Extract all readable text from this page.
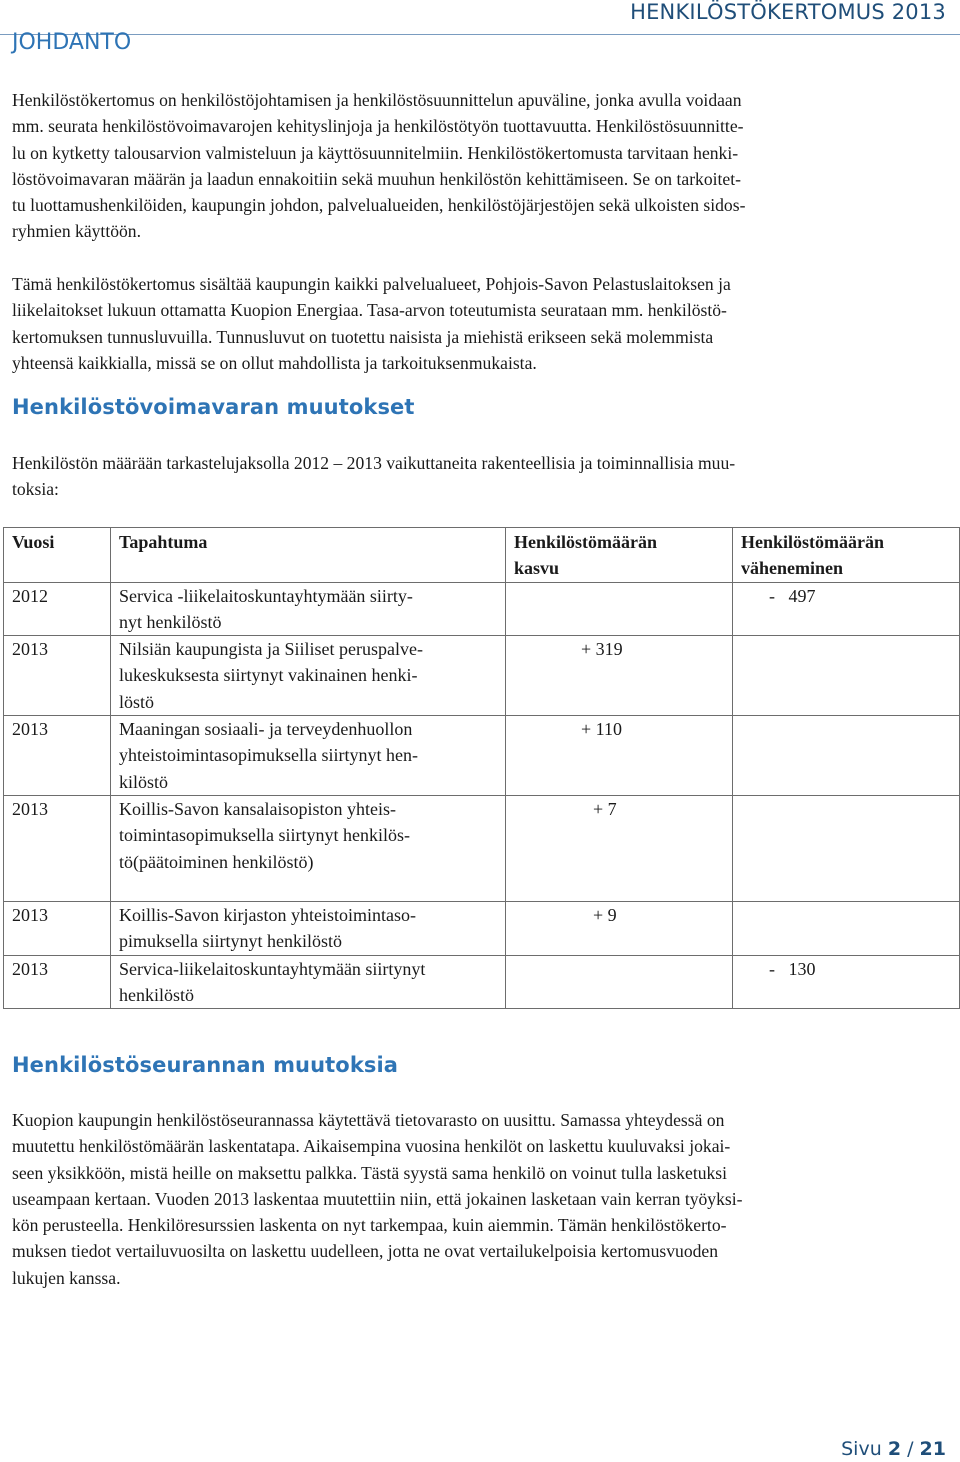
HENKILÖSTÖKERTOMUS 2013
JOHDANTO
Henkilöstökertomus on henkilöstöjohtamisen ja henkilöstösuunnittelun apuväline, jonka avulla voidaan
mm. seurata henkilöstövoimavarojen kehityslinjoja ja henkilöstötyön tuottavuutta. Henkilöstösuunnitte-
lu on kytketty talousarvion valmisteluun ja käyttösuunnitelmiin. Henkilöstökertomusta tarvitaan henki-
löstövoimavaran määrän ja laadun ennakoitiin sekä muuhun henkilöstön kehittämiseen. Se on tarkoitet-
tu luottamushenkilöiden, kaupungin johdon, palvelualueiden, henkilöstöjärjestöjen sekä ulkoisten sidos-
ryhmien käyttöön.
Tämä henkilöstökertomus sisältää kaupungin kaikki palvelualueet, Pohjois-Savon Pelastuslaitoksen ja
liikelaitokset lukuun ottamatta Kuopion Energiaa. Tasa-arvon toteutumista seurataan mm. henkilöstö-
kertomuksen tunnusluvuilla. Tunnusluvut on tuotettu naisista ja miehistä erikseen sekä molemmista
yhteensä kaikkialla, missä se on ollut mahdollista ja tarkoituksenmukaista.
Henkilöstövoimavaran muutokset
Henkilöstön määrään tarkastelujaksolla 2012 – 2013 vaikuttaneita rakenteellisia ja toiminnallisia muu-
toksia:
Vuosi	Tapahtuma	Henkilöstömäärän
kasvu	Henkilöstömäärän
väheneminen

2012	Servica -liikelaitoskuntayhtymään siirty-
nyt henkilöstö		-   497

2013	Nilsiän kaupungista ja Siiliset peruspalve-
lukeskuksesta siirtynyt vakinainen henki-
löstö	+ 319	

2013	Maaningan sosiaali- ja terveydenhuollon
yhteistoimintasopimuksella siirtynyt hen-
kilöstö	+ 110	

2013	Koillis-Savon kansalaisopiston yhteis-
toimintasopimuksella siirtynyt henkilös-
tö(päätoiminen henkilöstö)	+ 7	

2013	Koillis-Savon kirjaston yhteistoimintaso-
pimuksella siirtynyt henkilöstö	+ 9	

2013	Servica-liikelaitoskuntayhtymään siirtynyt
henkilöstö		-   130
Henkilöstöseurannan muutoksia
Kuopion kaupungin henkilöstöseurannassa käytettävä tietovarasto on uusittu. Samassa yhteydessä on
muutettu henkilöstömäärän laskentatapa. Aikaisempina vuosina henkilöt on laskettu kuuluvaksi jokai-
seen yksikköön, mistä heille on maksettu palkka. Tästä syystä sama henkilö on voinut tulla lasketuksi
useampaan kertaan. Vuoden 2013 laskentaa muutettiin niin, että jokainen lasketaan vain kerran työyksi-
kön perusteella. Henkilöresurssien laskenta on nyt tarkempaa, kuin aiemmin. Tämän henkilöstökerto-
muksen tiedot vertailuvuosilta on laskettu uudelleen, jotta ne ovat vertailukelpoisia kertomusvuoden
lukujen kanssa.
Sivu 2 / 21
